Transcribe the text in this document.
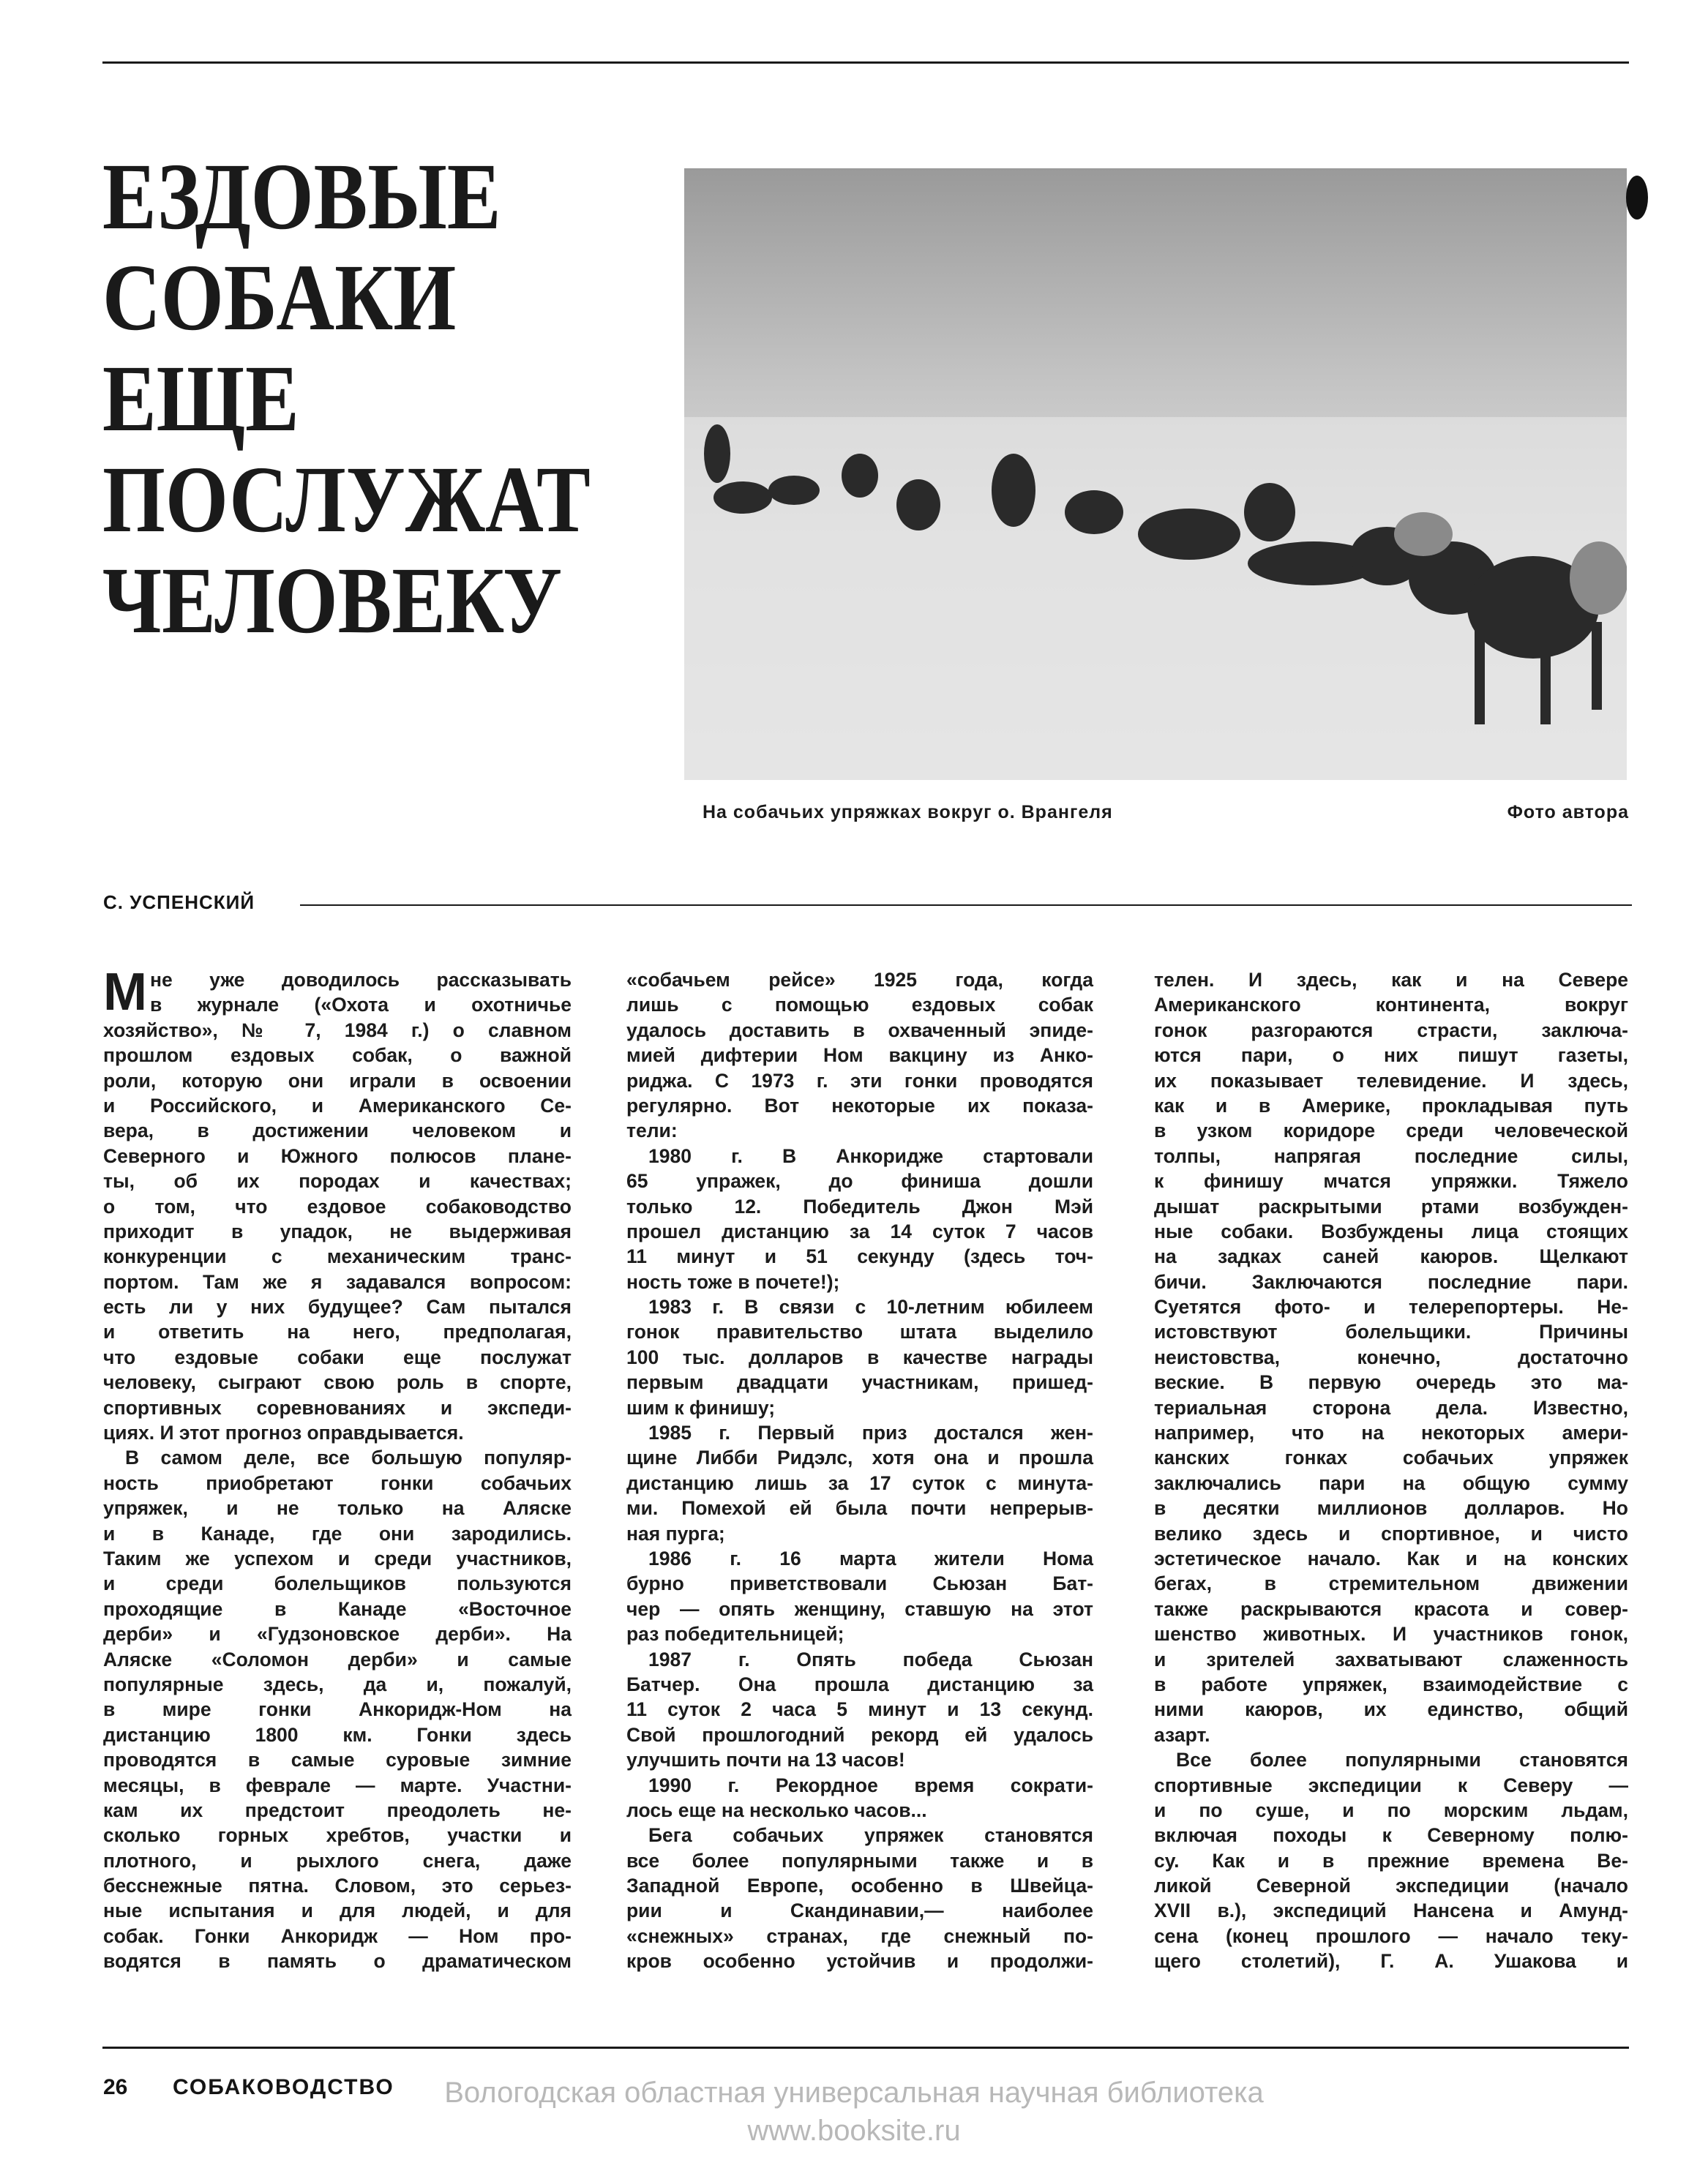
ЕЗДОВЫЕ
СОБАКИ
ЕЩЕ
ПОСЛУЖАТ
ЧЕЛОВЕКУ
На собачьих упряжках вокруг о. Врангеля	Фото автора
С. УСПЕНСКИЙ
М не уже доводилось рассказывать
в журнале («Охота и охотничье
хозяйство», № 7, 1984 г.) о славном
прошлом ездовых собак, о важной
роли, которую они играли в освоении
и Российского, и Американского Се-
вера, в достижении человеком и
Северного и Южного полюсов плане-
ты, об их породах и качествах;
о том, что ездовое собаководство
приходит в упадок, не выдерживая
конкуренции с механическим транс-
портом. Там же я задавался вопросом:
есть ли у них будущее? Сам пытался
и ответить на него, предполагая,
что ездовые собаки еще послужат
человеку, сыграют свою роль в спорте,
спортивных соревнованиях и экспеди-
циях. И этот прогноз оправдывается.
В самом деле, все большую популяр-
ность приобретают гонки собачьих
упряжек, и не только на Аляске
и в Канаде, где они зародились.
Таким же успехом и среди участников,
и среди болельщиков пользуются
проходящие в Канаде «Восточное
дерби» и «Гудзоновское дерби». На
Аляске «Соломон дерби» и самые
популярные здесь, да и, пожалуй,
в мире гонки Анкоридж-Ном на
дистанцию 1800 км. Гонки здесь
проводятся в самые суровые зимние
месяцы, в феврале — марте. Участни-
кам их предстоит преодолеть не-
сколько горных хребтов, участки и
плотного, и рыхлого снега, даже
бесснежные пятна. Словом, это серьез-
ные испытания и для людей, и для
собак. Гонки Анкоридж — Ном про-
водятся в память о драматическом
«собачьем рейсе» 1925 года, когда
лишь с помощью ездовых собак
удалось доставить в охваченный эпиде-
мией дифтерии Ном вакцину из Анко-
риджа. С 1973 г. эти гонки проводятся
регулярно. Вот некоторые их показа-
тели:
1980 г. В Анкоридже стартовали
65 упражек, до финиша дошли
только 12. Победитель Джон Мэй
прошел дистанцию за 14 суток 7 часов
11 минут и 51 секунду (здесь точ-
ность тоже в почете!);
1983 г. В связи с 10-летним юбилеем
гонок правительство штата выделило
100 тыс. долларов в качестве награды
первым двадцати участникам, пришед-
шим к финишу;
1985 г. Первый приз достался жен-
щине Либби Ридэлс, хотя она и прошла
дистанцию лишь за 17 суток с минута-
ми. Помехой ей была почти непрерыв-
ная пурга;
1986 г. 16 марта жители Нома
бурно приветствовали Сьюзан Бат-
чер — опять женщину, ставшую на этот
раз победительницей;
1987 г. Опять победа Сьюзан
Батчер. Она прошла дистанцию за
11 суток 2 часа 5 минут и 13 секунд.
Свой прошлогодний рекорд ей удалось
улучшить почти на 13 часов!
1990 г. Рекордное время сократи-
лось еще на несколько часов...
Бега собачьих упряжек становятся
все более популярными также и в
Западной Европе, особенно в Швейца-
рии и Скандинавии,— наиболее
«снежных» странах, где снежный по-
кров особенно устойчив и продолжи-
телен. И здесь, как и на Севере
Американского континента, вокруг
гонок разгораются страсти, заключа-
ются пари, о них пишут газеты,
их показывает телевидение. И здесь,
как и в Америке, прокладывая путь
в узком коридоре среди человеческой
толпы, напрягая последние силы,
к финишу мчатся упряжки. Тяжело
дышат раскрытыми ртами возбужден-
ные собаки. Возбуждены лица стоящих
на задках саней каюров. Щелкают
бичи. Заключаются последние пари.
Суетятся фото- и телерепортеры. Не-
истовствуют болельщики. Причины
неистовства, конечно, достаточно
веские. В первую очередь это ма-
териальная сторона дела. Известно,
например, что на некоторых амери-
канских гонках собачьих упряжек
заключались пари на общую сумму
в десятки миллионов долларов. Но
велико здесь и спортивное, и чисто
эстетическое начало. Как и на конских
бегах, в стремительном движении
также раскрываются красота и совер-
шенство животных. И участников гонок,
и зрителей захватывают слаженность
в работе упряжек, взаимодействие с
ними каюров, их единство, общий
азарт.
Все более популярными становятся
спортивные экспедиции к Северу —
и по суше, и по морским льдам,
включая походы к Северному полю-
су. Как и в прежние времена Ве-
ликой Северной экспедиции (начало
XVII в.), экспедиций Нансена и Амунд-
сена (конец прошлого — начало теку-
щего столетий), Г. А. Ушакова и
26 СОБАКОВОДСТВО	Вологодская областная универсальная научная библиотека
www.booksite.ru
